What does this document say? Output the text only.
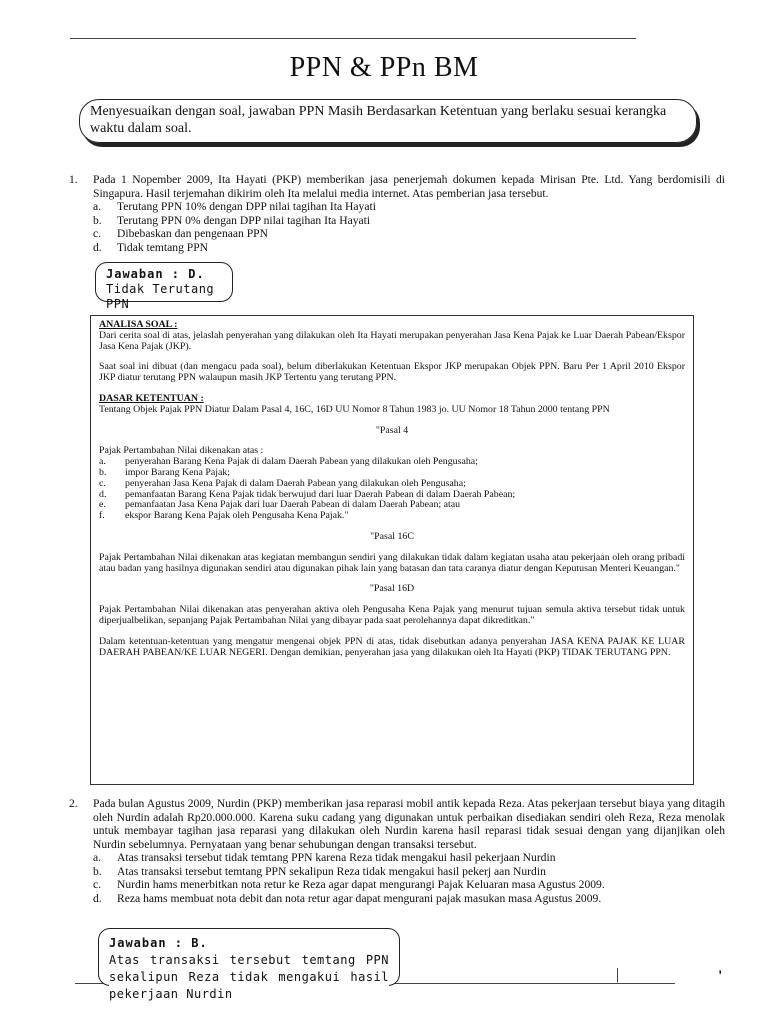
PPN & PPn BM
Menyesuaikan dengan soal, jawaban PPN Masih Berdasarkan Ketentuan yang berlaku sesuai kerangka waktu dalam soal.
1. Pada 1 Nopember 2009, Ita Hayati (PKP) memberikan jasa penerjemah dokumen kepada Mirisan Pte. Ltd. Yang berdomisili di Singapura. Hasil terjemahan dikirim oleh Ita melalui media internet. Atas pemberian jasa tersebut.
a. Terutang PPN 10% dengan DPP nilai tagihan Ita Hayati
b. Terutang PPN 0% dengan DPP nilai tagihan Ita Hayati
c. Dibebaskan dan pengenaan PPN
d. Tidak temtang PPN
Jawaban : D.
Tidak Terutang PPN

ANALISA SOAL :

Dari cerita soal di atas, jelaslah penyerahan yang dilakukan oleh Ita Hayati merupakan penyerahan Jasa Kena Pajak ke Luar Daerah Pabean/Ekspor Jasa Kena Pajak (JKP).

Saat soal ini dibuat (dan mengacu pada soal), belum diberlakukan Ketentuan Ekspor JKP merupakan Objek PPN. Baru Per 1 April 2010 Ekspor JKP diatur terutang PPN walaupun masih JKP Tertentu yang terutang PPN.

DASAR KETENTUAN :

Tentang Objek Pajak PPN Diatur Dalam Pasal 4, 16C, 16D UU Nomor 8 Tahun 1983 jo. UU Nomor 18 Tahun 2000 tentang PPN

"Pasal 4

Pajak Pertambahan Nilai dikenakan atas :

a. penyerahan Barang Kena Pajak di dalam Daerah Pabean yang dilakukan oleh Pengusaha;
b. impor Barang Kena Pajak;
c. penyerahan Jasa Kena Pajak di dalam Daerah Pabean yang dilakukan oleh Pengusaha;
d. pemanfaatan Barang Kena Pajak tidak berwujud dari luar Daerah Pabean di dalam Daerah Pabean;
e. pemanfaatan Jasa Kena Pajak dari luar Daerah Pabean di dalam Daerah Pabean; atau
f. ekspor Barang Kena Pajak oleh Pengusaha Kena Pajak."

"Pasal 16C

Pajak Pertambahan Nilai dikenakan atas kegiatan membangun sendiri yang dilakukan tidak dalam kegiatan usaha atau pekerjaan oleh orang pribadi atau badan yang hasilnya digunakan sendiri atau digunakan pihak lain yang batasan dan tata caranya diatur dengan Keputusan Menteri Keuangan."

"Pasal 16D

Pajak Pertambahan Nilai dikenakan atas penyerahan aktiva oleh Pengusaha Kena Pajak yang menurut tujuan semula aktiva tersebut tidak untuk diperjualbelikan, sepanjang Pajak Pertambahan Nilai yang dibayar pada saat perolehannya dapat dikreditkan."

Dalam ketentuan-ketentuan yang mengatur mengenai objek PPN di atas, tidak disebutkan adanya penyerahan JASA KENA PAJAK KE LUAR DAERAH PABEAN/KE LUAR NEGERI. Dengan demikian, penyerahan jasa yang dilakukan oleh Ita Hayati (PKP) TIDAK TERUTANG PPN.

2. Pada bulan Agustus 2009, Nurdin (PKP) memberikan jasa reparasi mobil antik kepada Reza. Atas pekerjaan tersebut biaya yang ditagih oleh Nurdin adalah Rp20.000.000. Karena suku cadang yang digunakan untuk perbaikan disediakan sendiri oleh Reza, Reza menolak untuk membayar tagihan jasa reparasi yang dilakukan oleh Nurdin karena hasil reparasi tidak sesuai dengan yang dijanjikan oleh Nurdin sebelumnya. Pernyataan yang benar sehubungan dengan transaksi tersebut.
a. Atas transaksi tersebut tidak temtang PPN karena Reza tidak mengakui hasil pekerjaan Nurdin
b. Atas transaksi tersebut temtang PPN sekalipun Reza tidak mengakui hasil pekerj aan Nurdin
c. Nurdin hams menerbitkan nota retur ke Reza agar dapat mengurangi Pajak Keluaran masa Agustus 2009.
d. Reza hams membuat nota debit dan nota retur agar dapat mengurani pajak masukan masa Agustus 2009.
Jawaban : B.
Atas transaksi tersebut temtang PPN sekalipun Reza tidak mengakui hasil pekerjaan Nurdin
|	'
